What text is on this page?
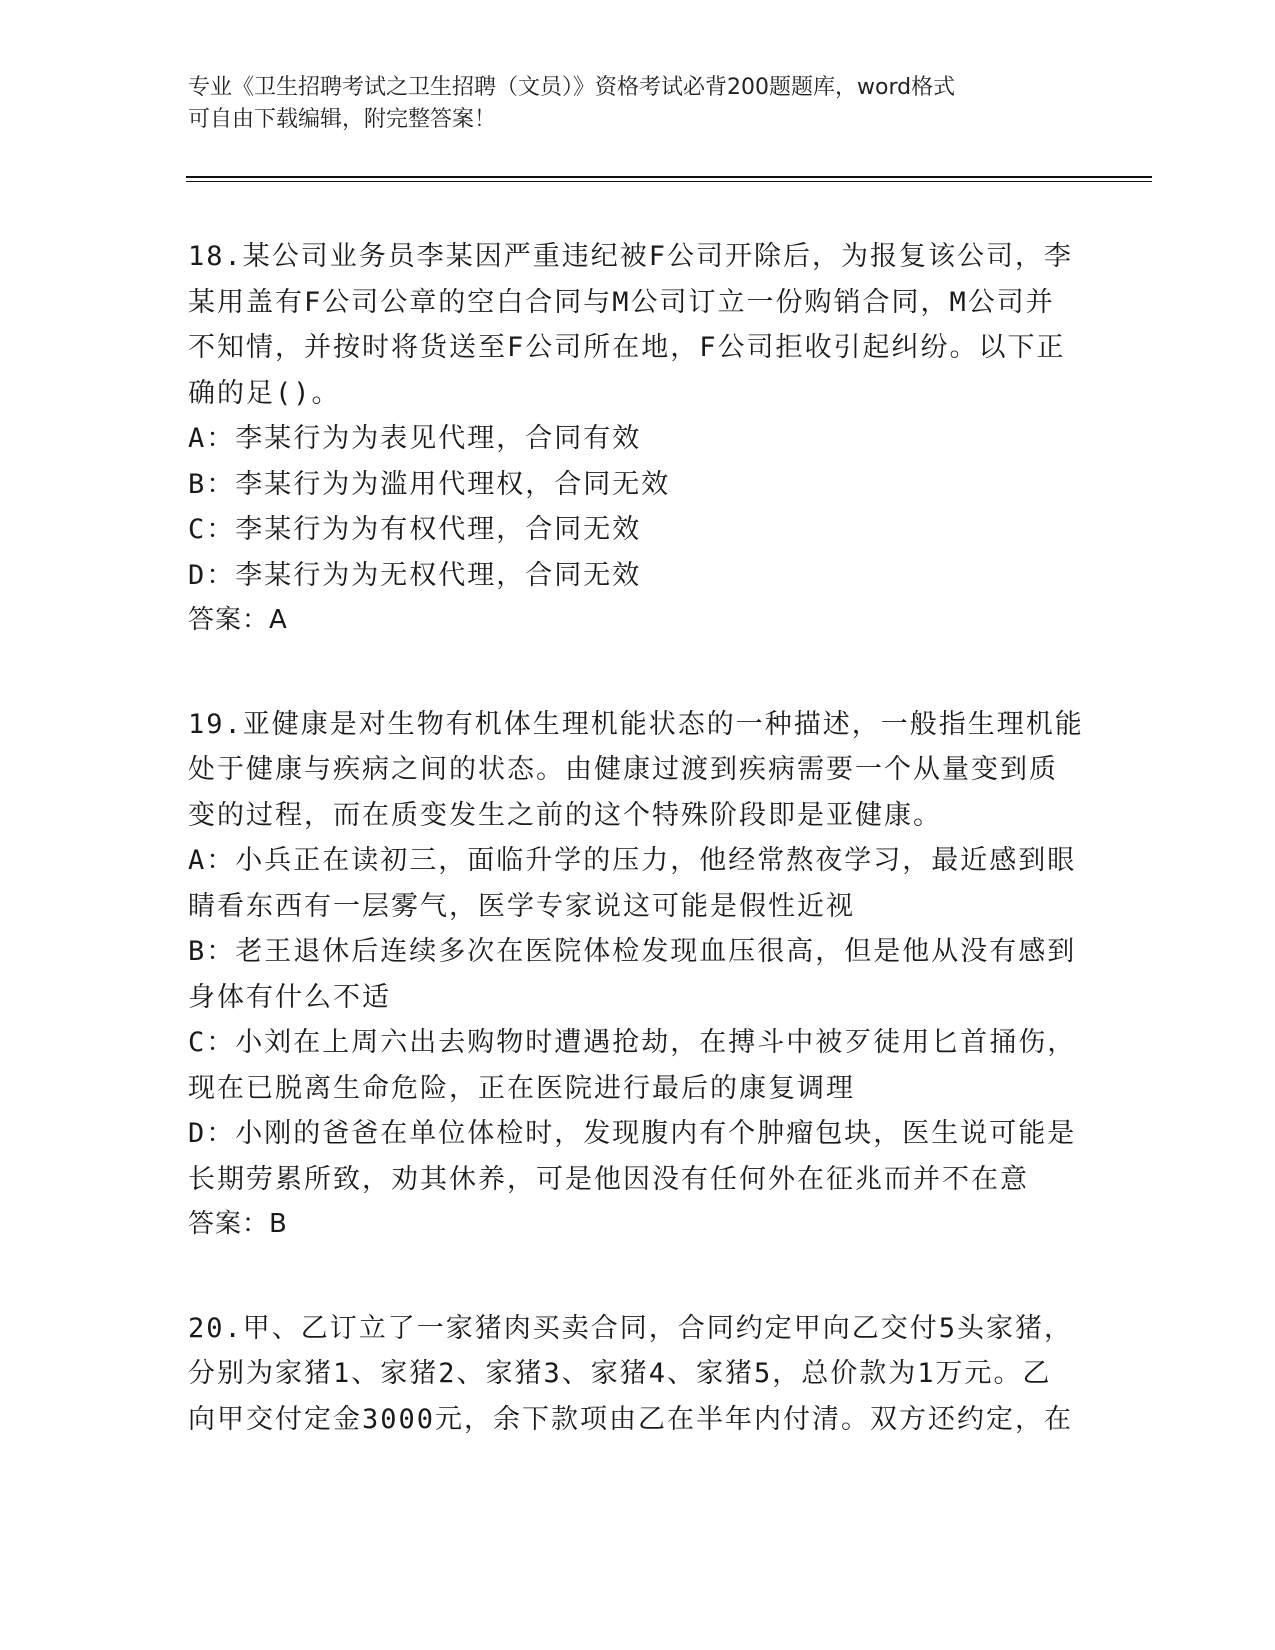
专业《卫生招聘考试之卫生招聘（文员）》资格考试必背200题题库，word格式
可自由下载编辑，附完整答案！
18.某公司业务员李某因严重违纪被F公司开除后，为报复该公司，李
某用盖有F公司公章的空白合同与M公司订立一份购销合同，M公司并
不知情，并按时将货送至F公司所在地，F公司拒收引起纠纷。以下正
确的足()。
A：李某行为为表见代理，合同有效
B：李某行为为滥用代理权，合同无效
C：李某行为为有权代理，合同无效
D：李某行为为无权代理，合同无效
答案：A
19.亚健康是对生物有机体生理机能状态的一种描述，一般指生理机能
处于健康与疾病之间的状态。由健康过渡到疾病需要一个从量变到质
变的过程，而在质变发生之前的这个特殊阶段即是亚健康。
A：小兵正在读初三，面临升学的压力，他经常熬夜学习，最近感到眼
睛看东西有一层雾气，医学专家说这可能是假性近视
B：老王退休后连续多次在医院体检发现血压很高，但是他从没有感到
身体有什么不适
C：小刘在上周六出去购物时遭遇抢劫，在搏斗中被歹徒用匕首捅伤，
现在已脱离生命危险，正在医院进行最后的康复调理
D：小刚的爸爸在单位体检时，发现腹内有个肿瘤包块，医生说可能是
长期劳累所致，劝其休养，可是他因没有任何外在征兆而并不在意
答案：B
20.甲、乙订立了一家猪肉买卖合同，合同约定甲向乙交付5头家猪，
分别为家猪1、家猪2、家猪3、家猪4、家猪5，总价款为1万元。乙
向甲交付定金3000元，余下款项由乙在半年内付清。双方还约定，在
